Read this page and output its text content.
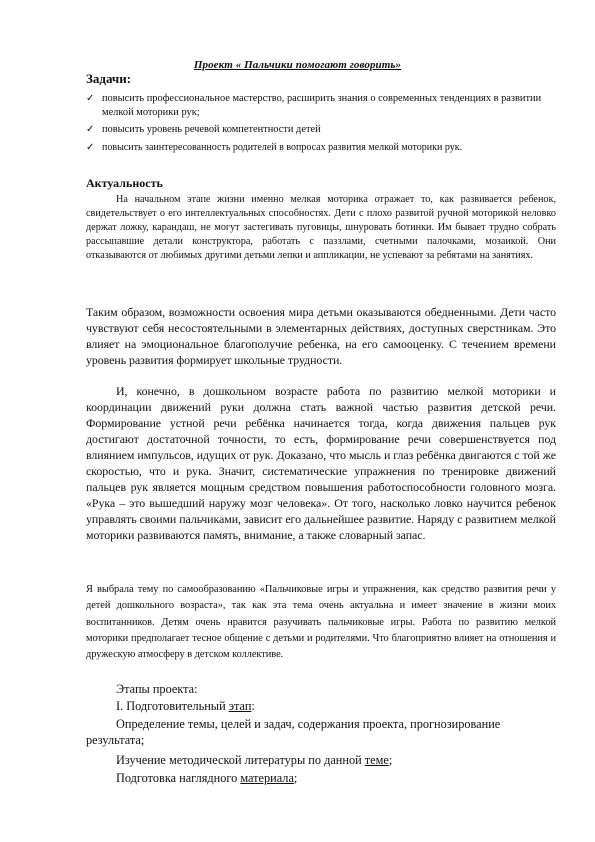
Проект « Пальчики помогают говорить»
Задачи:
✓ повысить профессиональное мастерство, расширить знания о современных тенденциях в развитии мелкой моторики рук;
✓ повысить уровень речевой компетентности детей
✓ повысить заинтересованность родителей в вопросах развития мелкой моторики рук.
Актуальность

На начальном этапе жизни именно мелкая моторика отражает то, как развивается ребенок, свидетельствует о его интеллектуальных способностях. Дети с плохо развитой ручной моторикой неловко держат ложку, карандаш, не могут застегивать пуговицы, шнуровать ботинки. Им бывает трудно собрать рассыпавшие детали конструктора, работать с паззлами, счетными палочками, мозаикой. Они отказываются от любимых другими детьми лепки и аппликации, не успевают за ребятами на занятиях.

Таким образом, возможности освоения мира детьми оказываются обедненными. Дети часто чувствуют себя несостоятельными в элементарных действиях, доступных сверстникам. Это влияет на эмоциональное благополучие ребенка, на его самооценку. С течением времени уровень развития формирует школьные трудности.

И, конечно, в дошкольном возрасте работа по развитию мелкой моторики и координации движений руки должна стать важной частью развития детской речи. Формирование устной речи ребёнка начинается тогда, когда движения пальцев рук достигают достаточной точности, то есть, формирование речи совершенствуется под влиянием импульсов, идущих от рук. Доказано, что мысль и глаз ребёнка двигаются с той же скоростью, что и рука. Значит, систематические упражнения по тренировке движений пальцев рук является мощным средством повышения работоспособности головного мозга. «Рука – это вышедший наружу мозг человека». От того, насколько ловко научится ребенок управлять своими пальчиками, зависит его дальнейшее развитие. Наряду с развитием мелкой моторики развиваются память, внимание, а также словарный запас.

Я выбрала тему по самообразованию «Пальчиковые игры и упражнения, как средство развития речи у детей дошкольного возраста», так как эта тема очень актуальна и имеет значение в жизни моих воспитанников. Детям очень нравится разучивать пальчиковые игры. Работа по развитию мелкой моторики предполагает тесное общение с детьми и родителями. Что благоприятно влияет на отношения и дружескую атмосферу в детском коллективе.

Этапы проекта:

I. Подготовительный этап:

Определение темы, целей и задач, содержания проекта, прогнозирование результата;

Изучение методической литературы по данной теме;

Подготовка наглядного материала;
